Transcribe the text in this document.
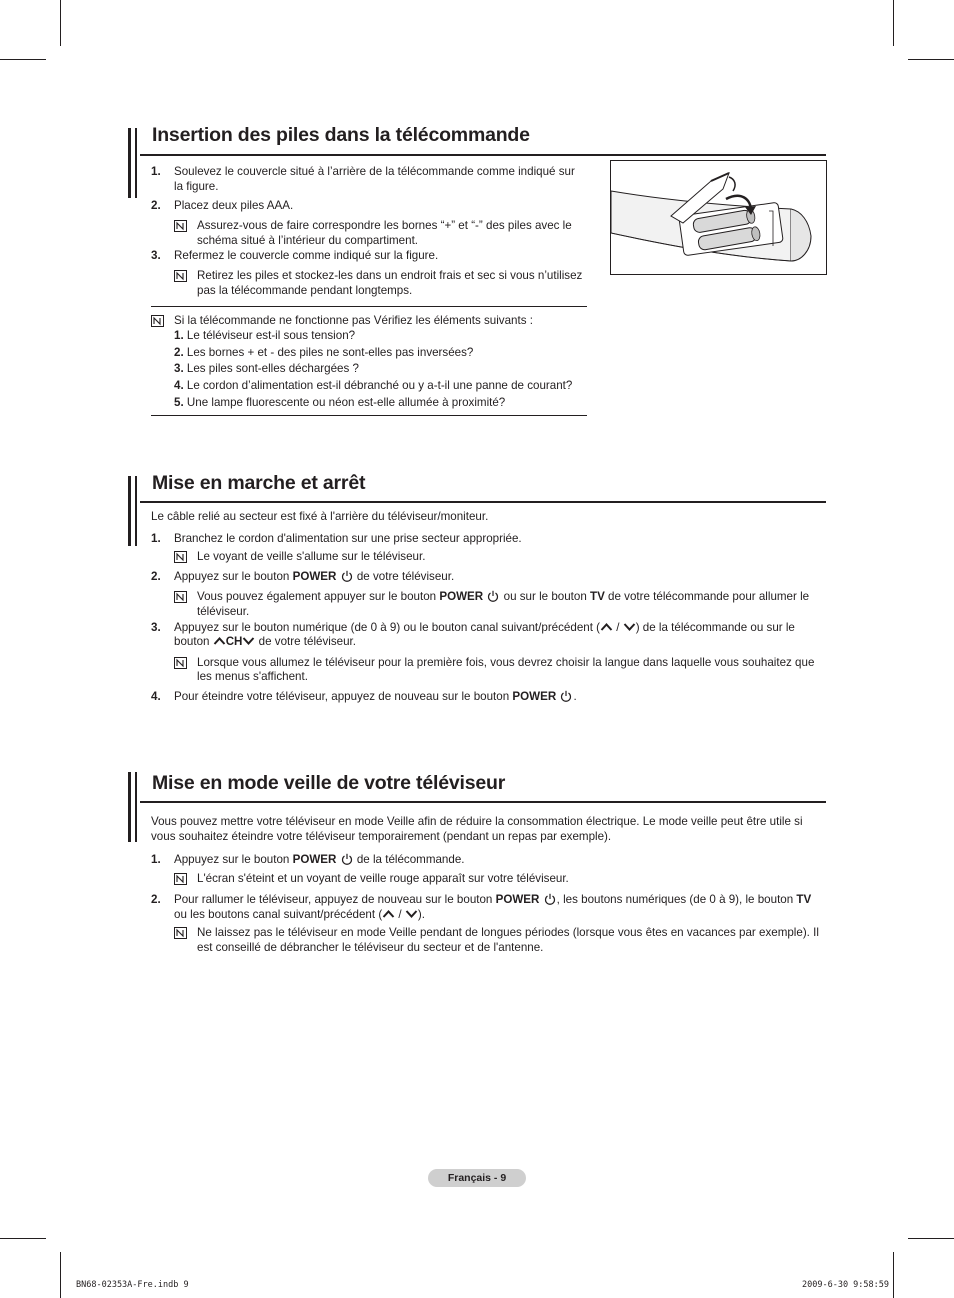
Insertion des piles dans la télécommande
1. Soulevez le couvercle situé à l’arrière de la télécommande comme indiqué sur
la figure.
2. Placez deux piles AAA.
Assurez-vous de faire correspondre les bornes “+” et “-” des piles avec le
schéma situé à l’intérieur du compartiment.
3. Refermez le couvercle comme indiqué sur la figure.
Retirez les piles et stockez-les dans un endroit frais et sec si vous n’utilisez
pas la télécommande pendant longtemps.
Si la télécommande ne fonctionne pas Vérifiez les éléments suivants :
1. Le téléviseur est-il sous tension?
2. Les bornes + et - des piles ne sont-elles pas inversées?
3. Les piles sont-elles déchargées ?
4. Le cordon d’alimentation est-il débranché ou y a-t-il une panne de courant?
5. Une lampe fluorescente ou néon est-elle allumée à proximité?
Mise en marche et arrêt
Le câble relié au secteur est fixé à l'arrière du téléviseur/moniteur.
1. Branchez le cordon d'alimentation sur une prise secteur appropriée.
Le voyant de veille s'allume sur le téléviseur.
2. Appuyez sur le bouton POWER  de votre téléviseur.
Vous pouvez également appuyer sur le bouton POWER  ou sur le bouton TV de votre télécommande pour allumer le
téléviseur.
3. Appuyez sur le bouton numérique (de 0 à 9) ou le bouton canal suivant/précédent ( / ) de la télécommande ou sur le
bouton CH de votre téléviseur.
Lorsque vous allumez le téléviseur pour la première fois, vous devrez choisir la langue dans laquelle vous souhaitez que
les menus s'affichent.
4. Pour éteindre votre téléviseur, appuyez de nouveau sur le bouton POWER .
Mise en mode veille de votre téléviseur
Vous pouvez mettre votre téléviseur en mode Veille afin de réduire la consommation électrique. Le mode veille peut être utile si
vous souhaitez éteindre votre téléviseur temporairement (pendant un repas par exemple).
1. Appuyez sur le bouton POWER  de la télécommande.
L'écran s'éteint et un voyant de veille rouge apparaît sur votre téléviseur.
2. Pour rallumer le téléviseur, appuyez de nouveau sur le bouton POWER , les boutons numériques (de 0 à 9), le bouton TV
ou les boutons canal suivant/précédent ( / ).
Ne laissez pas le téléviseur en mode Veille pendant de longues périodes (lorsque vous êtes en vacances par exemple). Il
est conseillé de débrancher le téléviseur du secteur et de l'antenne.
Français - 9
BN68-02353A-Fre.indb 9	2009-6-30 9:58:59
